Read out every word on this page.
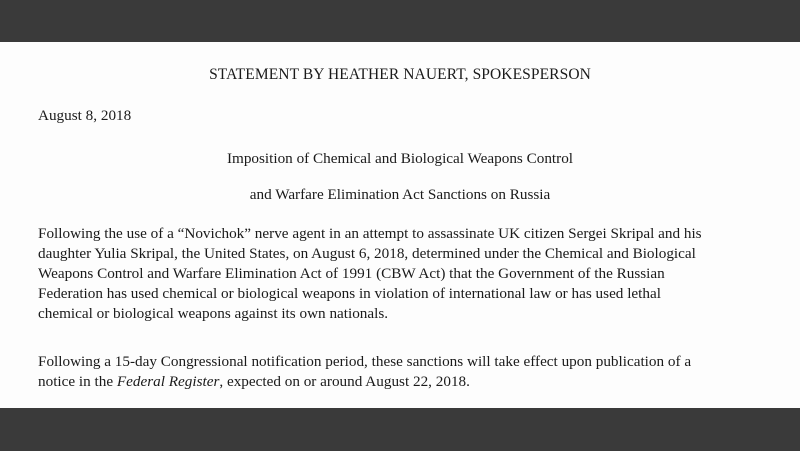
STATEMENT BY HEATHER NAUERT, SPOKESPERSON
August 8, 2018
Imposition of Chemical and Biological Weapons Control
and Warfare Elimination Act Sanctions on Russia
Following the use of a “Novichok” nerve agent in an attempt to assassinate UK citizen Sergei Skripal and his
daughter Yulia Skripal, the United States, on August 6, 2018, determined under the Chemical and Biological
Weapons Control and Warfare Elimination Act of 1991 (CBW Act) that the Government of the Russian
Federation has used chemical or biological weapons in violation of international law or has used lethal
chemical or biological weapons against its own nationals.
Following a 15-day Congressional notification period, these sanctions will take effect upon publication of a
notice in the Federal Register, expected on or around August 22, 2018.
